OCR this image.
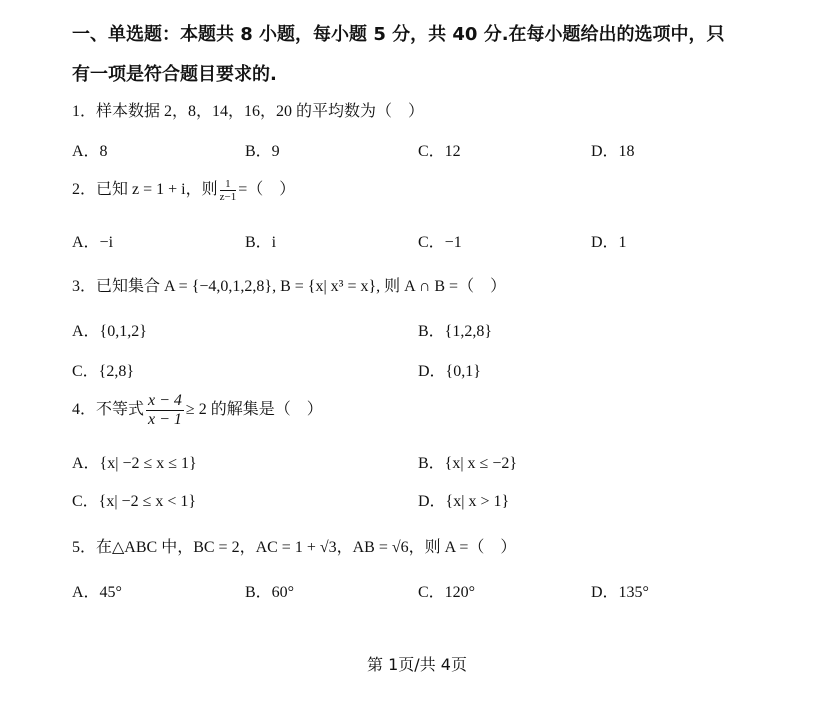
一、单选题：本题共 8 小题，每小题 5 分，共 40 分.在每小题给出的选项中，只
有一项是符合题目要求的.
1．样本数据 2，8，14，16，20 的平均数为（　）
A．8	B．9	C．12	D．18
2．已知 z = 1 + i，则 $\frac{1}{z-1}$ =（　）
A．−i	B．i	C．−1	D．1
3．已知集合 A = {−4,0,1,2,8}, B = {x| x³ = x}, 则 A ∩ B =（　）
A．{0,1,2}	B．{1,2,8}
C．{2,8}	D．{0,1}
4．不等式 $\frac{x - 4}{x - 1} \ge 2$ 的解集是（　）
A．{x| −2 ≤ x ≤ 1}	B．{x| x ≤ −2}
C．{x| −2 ≤ x < 1}	D．{x| x > 1}
5．在△ABC 中，BC = 2，AC = 1 + √3，AB = √6，则 A =（　）
A．45°	B．60°	C．120°	D．135°
第 1页/共 4页
